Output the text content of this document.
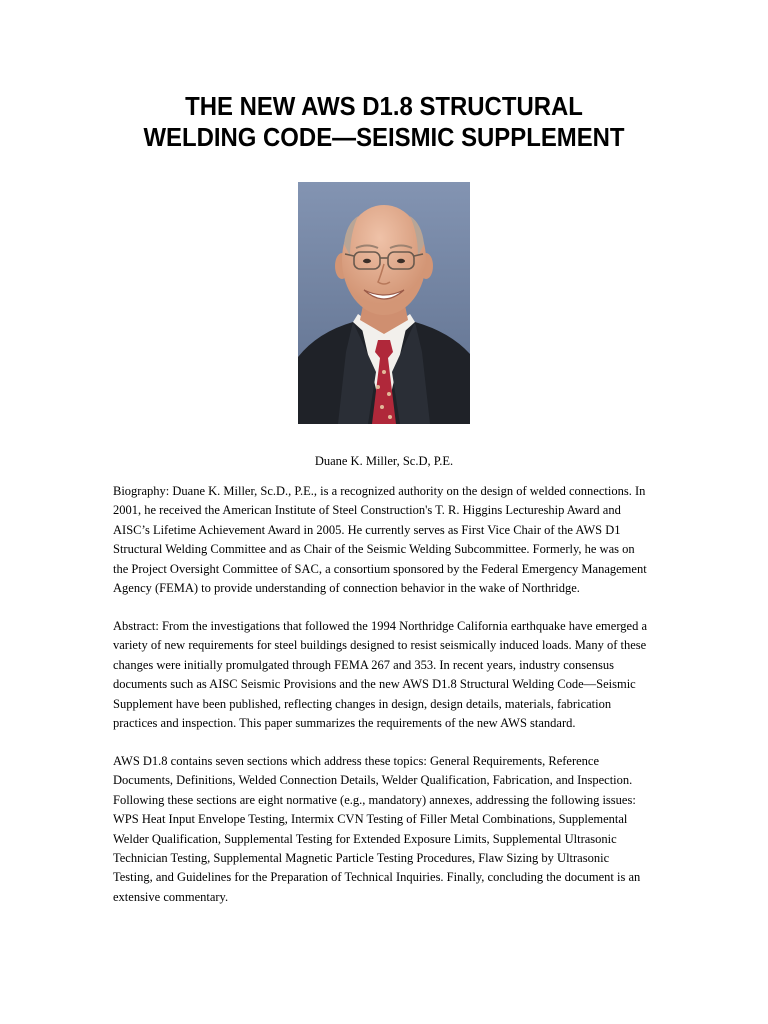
THE NEW AWS D1.8 STRUCTURAL
WELDING CODE—SEISMIC SUPPLEMENT
Duane K. Miller, Sc.D, P.E.
Biography: Duane K. Miller, Sc.D., P.E., is a recognized authority on the design of welded connections. In
2001, he received the American Institute of Steel Construction's T. R. Higgins Lectureship Award and
AISC’s Lifetime Achievement Award in 2005. He currently serves as First Vice Chair of the AWS D1
Structural Welding Committee and as Chair of the Seismic Welding Subcommittee. Formerly, he was on
the Project Oversight Committee of SAC, a consortium sponsored by the Federal Emergency Management
Agency (FEMA) to provide understanding of connection behavior in the wake of Northridge.
Abstract: From the investigations that followed the 1994 Northridge California earthquake have emerged a
variety of new requirements for steel buildings designed to resist seismically induced loads. Many of these
changes were initially promulgated through FEMA 267 and 353. In recent years, industry consensus
documents such as AISC Seismic Provisions and the new AWS D1.8 Structural Welding Code—Seismic
Supplement have been published, reflecting changes in design, design details, materials, fabrication
practices and inspection. This paper summarizes the requirements of the new AWS standard.
AWS D1.8 contains seven sections which address these topics: General Requirements, Reference
Documents, Definitions, Welded Connection Details, Welder Qualification, Fabrication, and Inspection.
Following these sections are eight normative (e.g., mandatory) annexes, addressing the following issues:
WPS Heat Input Envelope Testing, Intermix CVN Testing of Filler Metal Combinations, Supplemental
Welder Qualification, Supplemental Testing for Extended Exposure Limits, Supplemental Ultrasonic
Technician Testing, Supplemental Magnetic Particle Testing Procedures, Flaw Sizing by Ultrasonic
Testing, and Guidelines for the Preparation of Technical Inquiries. Finally, concluding the document is an
extensive commentary.
